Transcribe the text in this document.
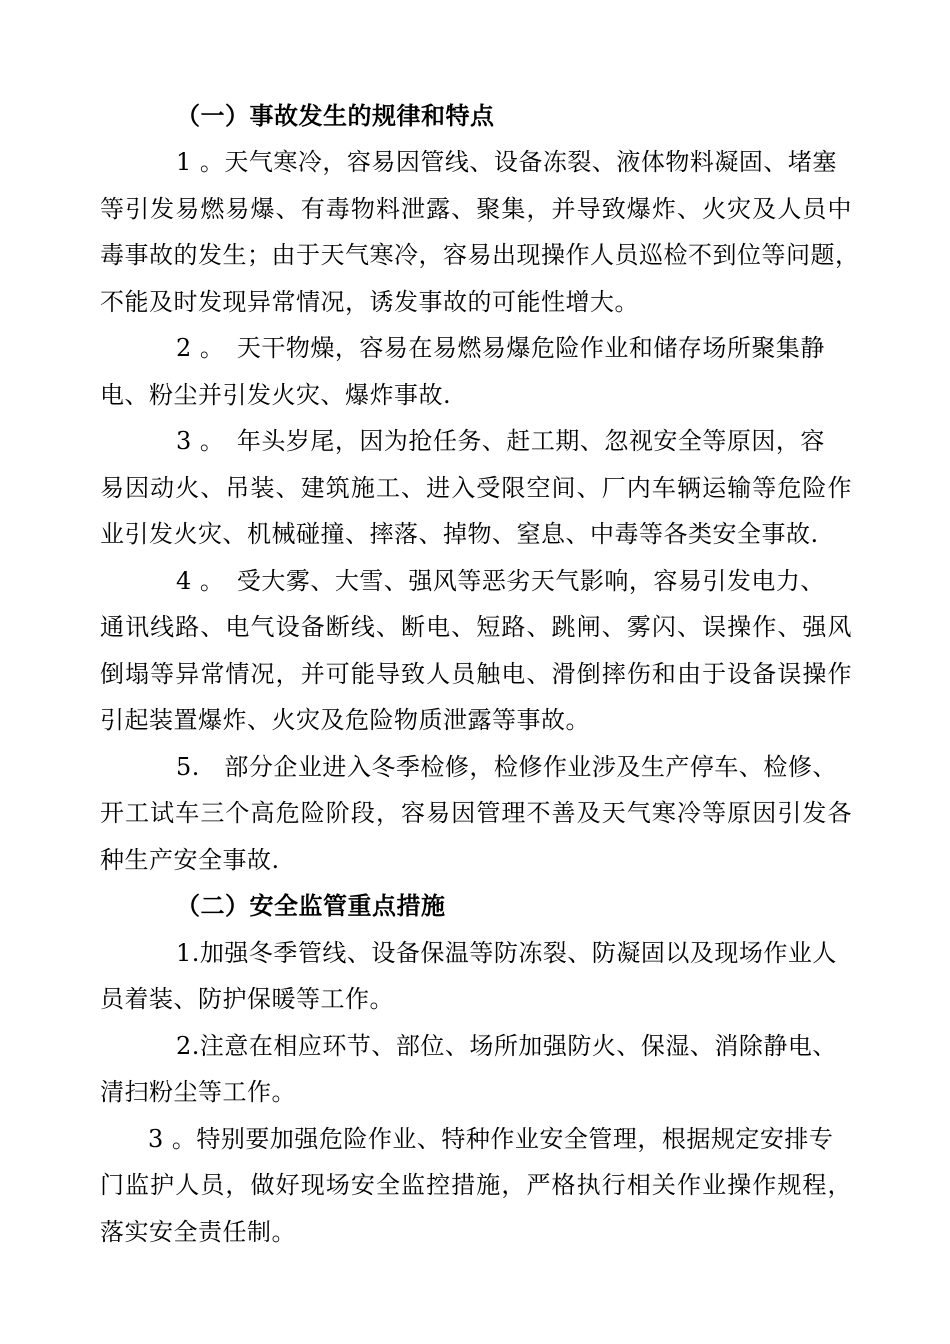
（一）事故发生的规律和特点
1 。天气寒冷，容易因管线、设备冻裂、液体物料凝固、堵塞
等引发易燃易爆、有毒物料泄露、聚集，并导致爆炸、火灾及人员中
毒事故的发生；由于天气寒冷，容易出现操作人员巡检不到位等问题，
不能及时发现异常情况，诱发事故的可能性增大。
2 。　天干物燥，容易在易燃易爆危险作业和储存场所聚集静
电、粉尘并引发火灾、爆炸事故.
3 。　年头岁尾，因为抢任务、赶工期、忽视安全等原因，容
易因动火、吊装、建筑施工、进入受限空间、厂内车辆运输等危险作
业引发火灾、机械碰撞、摔落、掉物、窒息、中毒等各类安全事故.
4 。　受大雾、大雪、强风等恶劣天气影响，容易引发电力、
通讯线路、电气设备断线、断电、短路、跳闸、雾闪、误操作、强风
倒塌等异常情况，并可能导致人员触电、滑倒摔伤和由于设备误操作
引起装置爆炸、火灾及危险物质泄露等事故。
5.　部分企业进入冬季检修，检修作业涉及生产停车、检修、
开工试车三个高危险阶段，容易因管理不善及天气寒冷等原因引发各
种生产安全事故.
（二）安全监管重点措施
1.加强冬季管线、设备保温等防冻裂、防凝固以及现场作业人
员着装、防护保暖等工作。
2.注意在相应环节、部位、场所加强防火、保湿、消除静电、
清扫粉尘等工作。
3 。特别要加强危险作业、特种作业安全管理，根据规定安排专
门监护人员，做好现场安全监控措施，严格执行相关作业操作规程，
落实安全责任制。
